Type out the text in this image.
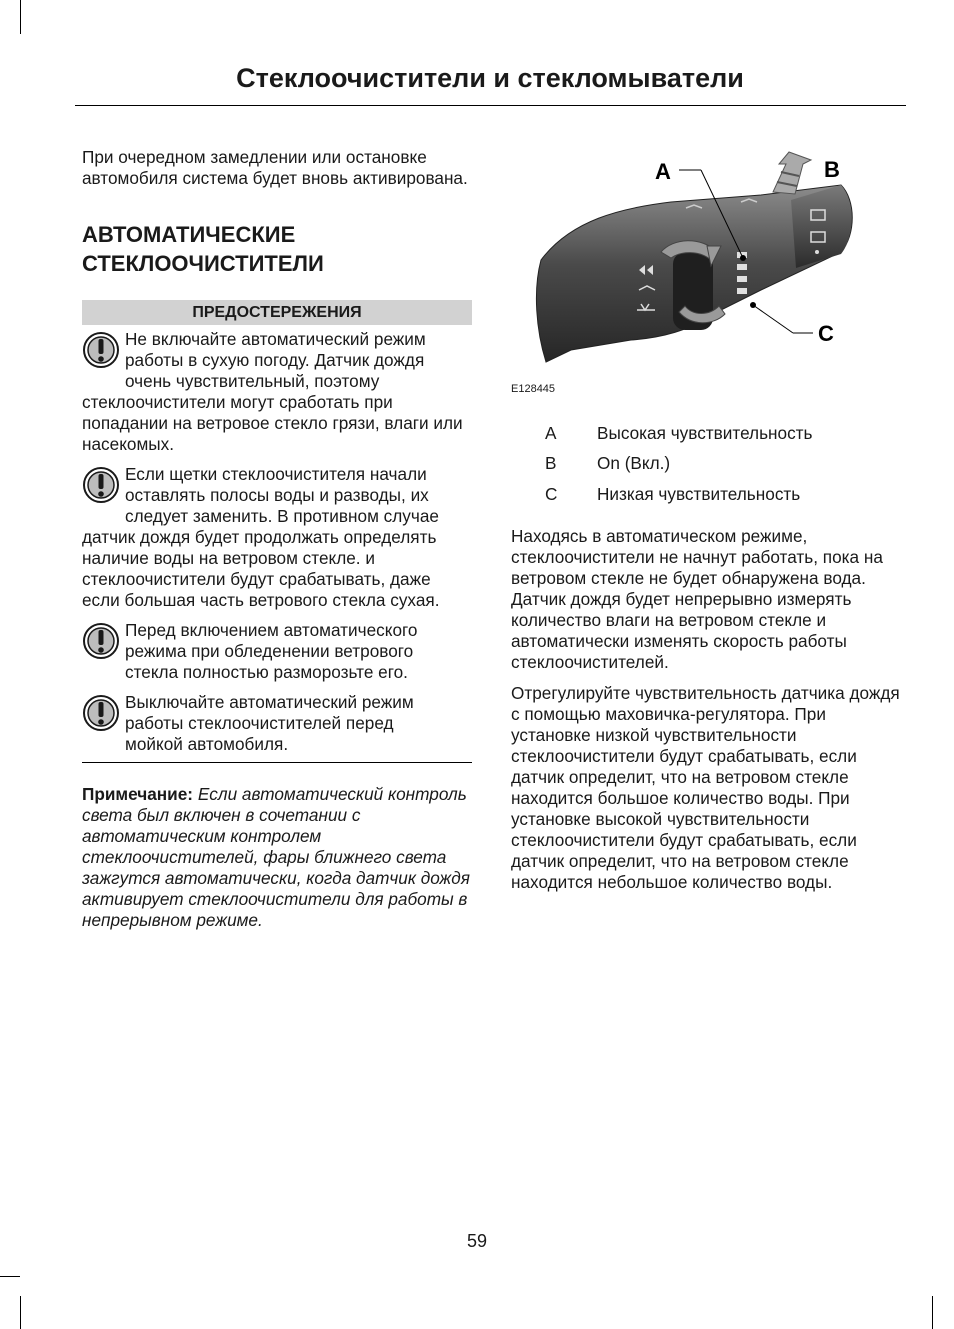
Стеклоочистители и стекломыватели

При очередном замедлении или остановке автомобиля система будет вновь активирована.

АВТОМАТИЧЕСКИЕ
СТЕКЛООЧИСТИТЕЛИ

ПРЕДОСТЕРЕЖЕНИЯ
Не включайте автоматический режим
работы в сухую погоду. Датчик дождя
очень чувствительный, поэтому
стеклоочистители могут сработать при попадании на ветровое стекло грязи, влаги или насекомых.
Если щетки стеклоочистителя начали
оставлять полосы воды и разводы, их
следует заменить. В противном случае
датчик дождя будет продолжать определять наличие воды на ветровом стекле. и стеклоочистители будут срабатывать, даже если большая часть ветрового стекла сухая.
Перед включением автоматического
режима при обледенении ветрового
стекла полностью разморозьте его.
Выключайте автоматический режим
работы стеклоочистителей перед
мойкой автомобиля.

Примечание: Если автоматический контроль света был включен в сочетании с автоматическим контролем стеклоочистителей, фары ближнего света зажгутся автоматически, когда датчик дождя активирует стеклоочистители для работы в непрерывном режиме.

A	B
C
E128445
A Высокая чувствительность
B On (Вкл.)
C Низкая чувствительность

Находясь в автоматическом режиме, стеклоочистители не начнут работать, пока на ветровом стекле не будет обнаружена вода. Датчик дождя будет непрерывно измерять количество влаги на ветровом стекле и автоматически изменять скорость работы стеклоочистителей.

Отрегулируйте чувствительность датчика дождя с помощью маховичка-регулятора. При установке низкой чувствительности стеклоочистители будут срабатывать, если датчик определит, что на ветровом стекле находится большое количество воды. При установке высокой чувствительности стеклоочистители будут срабатывать, если датчик определит, что на ветровом стекле находится небольшое количество воды.

59
